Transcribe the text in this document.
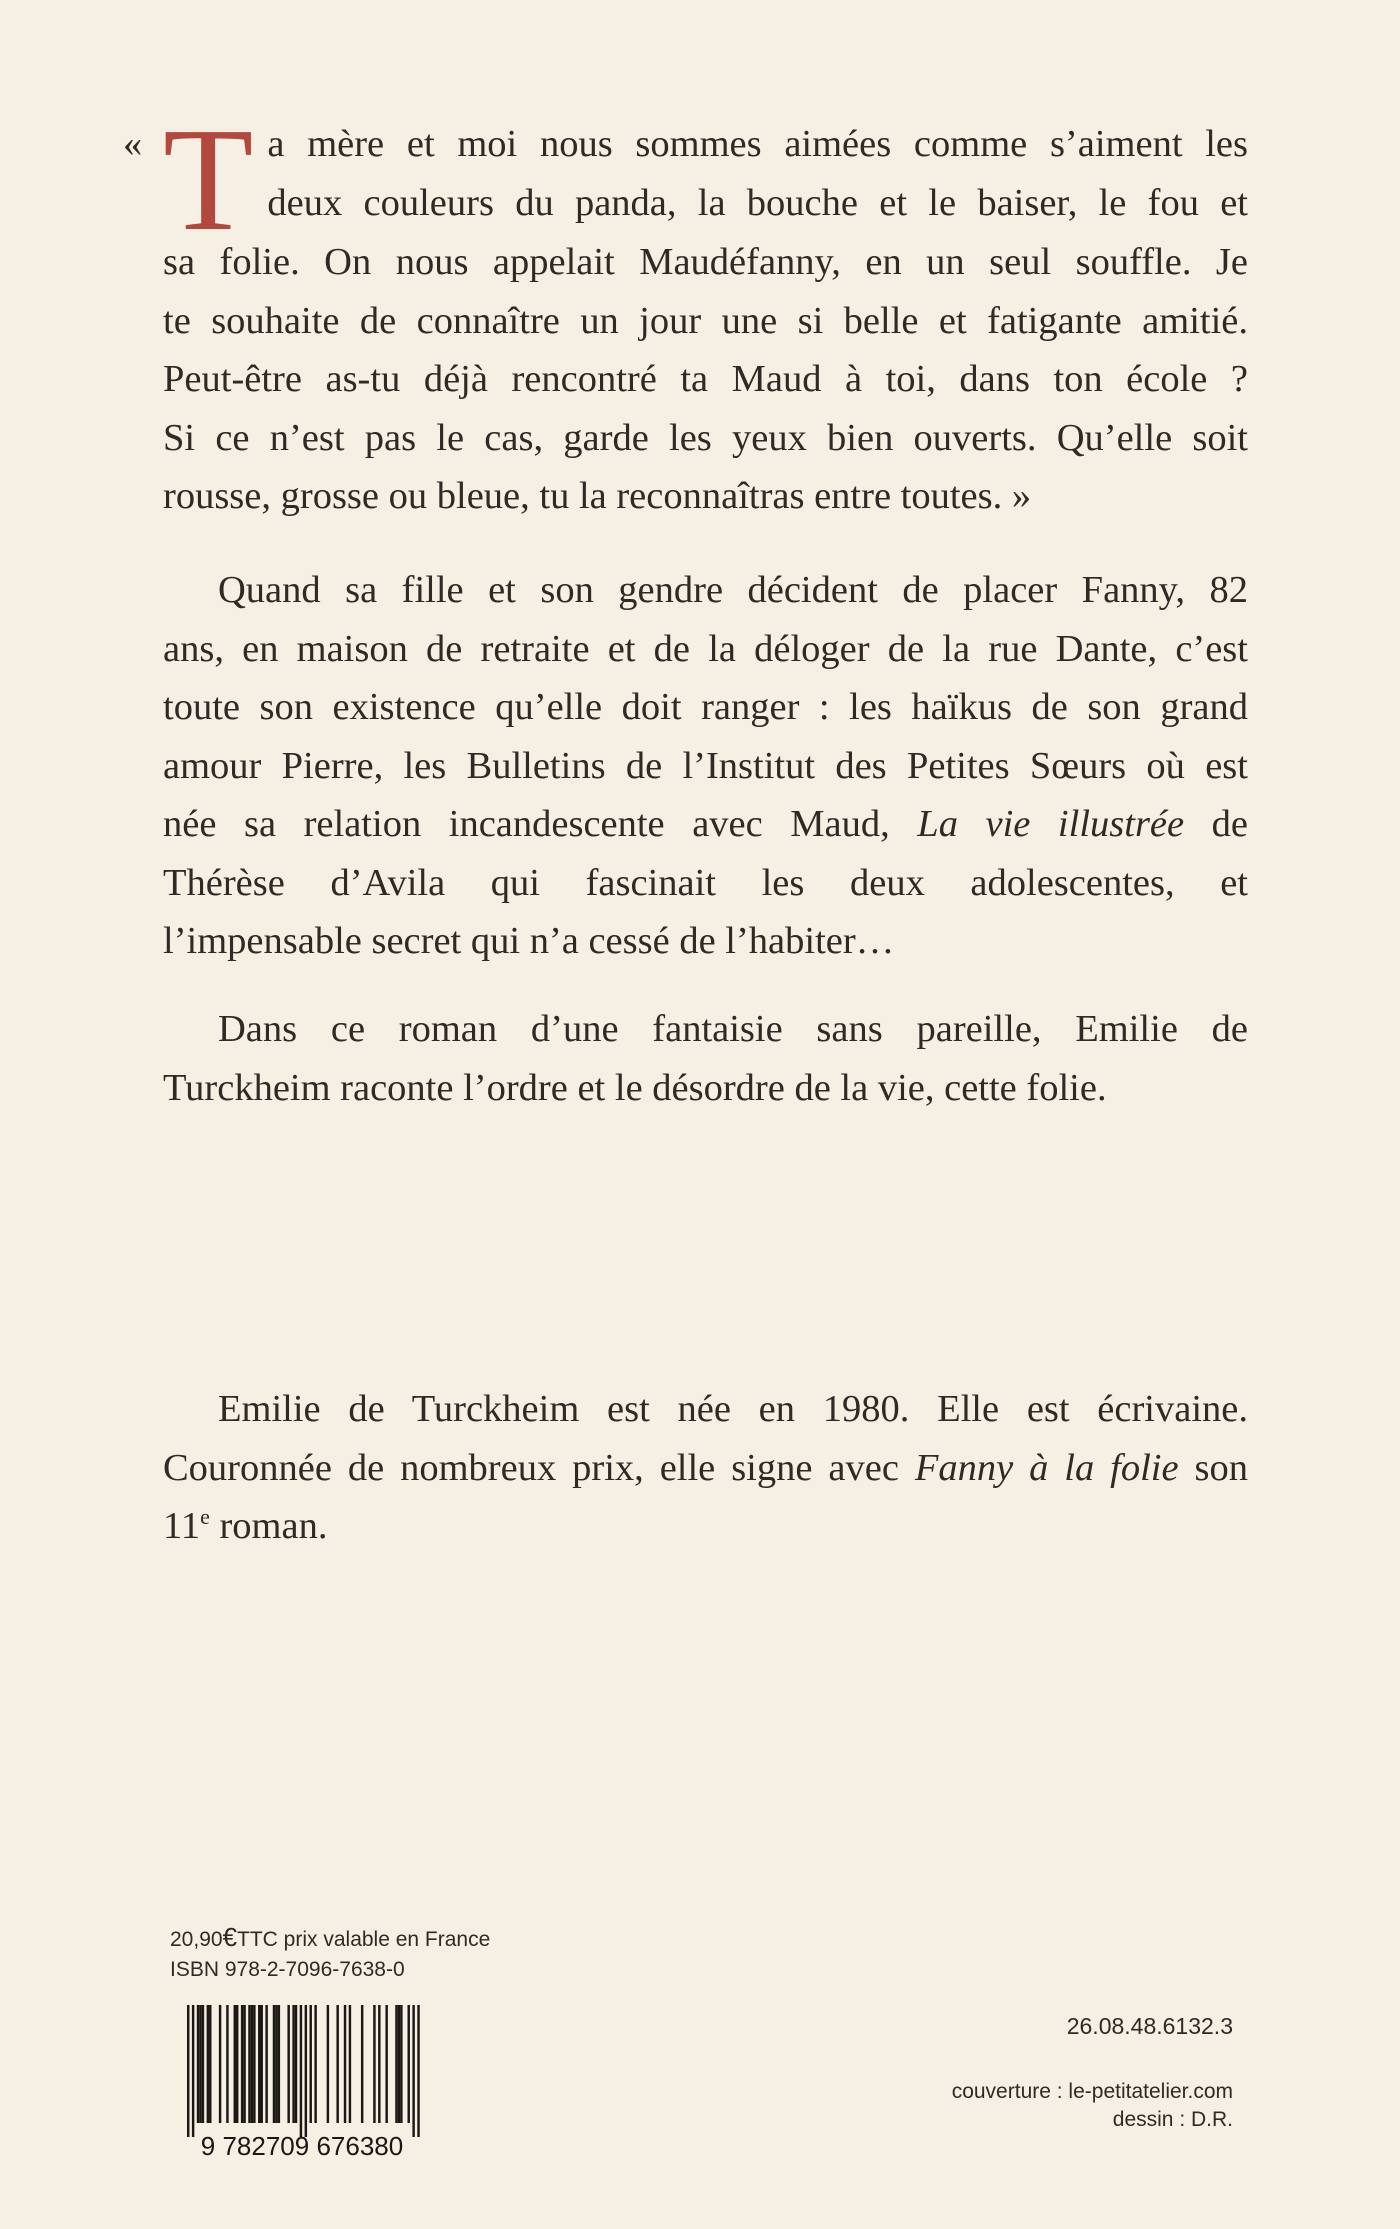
« T a mère et moi nous sommes aimées comme s’aiment les
deux couleurs du panda, la bouche et le baiser, le fou et
sa folie. On nous appelait Maudéfanny, en un seul souffle. Je
te souhaite de connaître un jour une si belle et fatigante amitié.
Peut-être as-tu déjà rencontré ta Maud à toi, dans ton école ?
Si ce n’est pas le cas, garde les yeux bien ouverts. Qu’elle soit
rousse, grosse ou bleue, tu la reconnaîtras entre toutes. »
Quand sa fille et son gendre décident de placer Fanny, 82
ans, en maison de retraite et de la déloger de la rue Dante, c’est
toute son existence qu’elle doit ranger : les haïkus de son grand
amour Pierre, les Bulletins de l’Institut des Petites Sœurs où est
née sa relation incandescente avec Maud, La vie illustrée de
Thérèse d’Avila qui fascinait les deux adolescentes, et
l’impensable secret qui n’a cessé de l’habiter…
Dans ce roman d’une fantaisie sans pareille, Emilie de
Turckheim raconte l’ordre et le désordre de la vie, cette folie.
Emilie de Turckheim est née en 1980. Elle est écrivaine.
Couronnée de nombreux prix, elle signe avec Fanny à la folie son
11e roman.
20,90€TTC prix valable en France
ISBN 978-2-7096-7638-0
9 782709 676380
26.08.48.6132.3
couverture : le-petitatelier.com
dessin : D.R.
